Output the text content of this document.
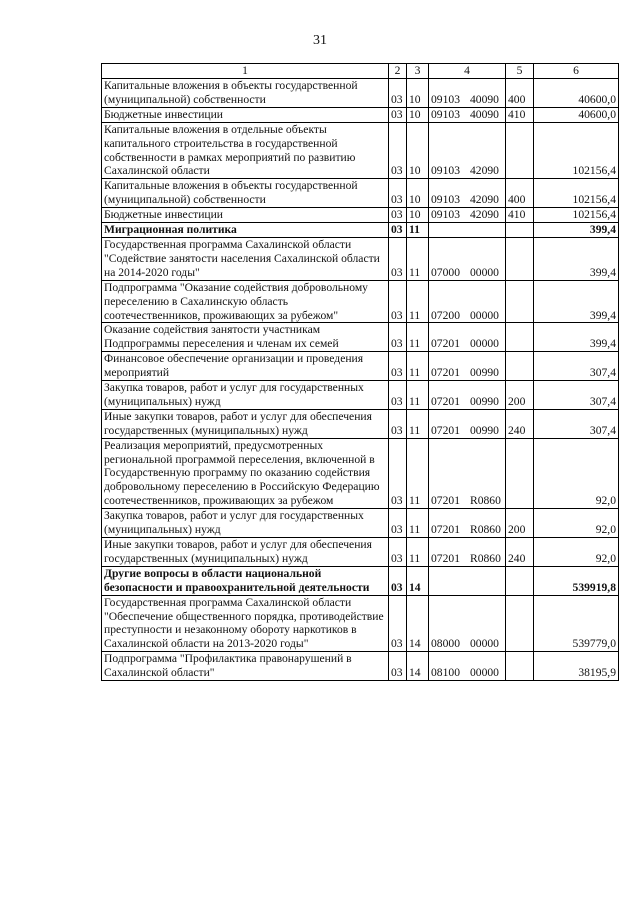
31
1	2	3	4	5	6
Капитальные вложения в объекты государственной (муниципальной) собственности	03	10	09103 40090	400	40600,0
Бюджетные инвестиции	03	10	09103 40090	410	40600,0
Капитальные вложения в отдельные объекты капитального строительства в государственной собственности в рамках мероприятий по развитию Сахалинской области	03	10	09103 42090		102156,4
Капитальные вложения в объекты государственной (муниципальной) собственности	03	10	09103 42090	400	102156,4
Бюджетные инвестиции	03	10	09103 42090	410	102156,4
Миграционная политика	03	11			399,4
Государственная программа Сахалинской области "Содействие занятости населения Сахалинской области на 2014-2020 годы"	03	11	07000 00000		399,4
Подпрограмма "Оказание содействия добровольному переселению в Сахалинскую область соотечественников, проживающих за рубежом"	03	11	07200 00000		399,4
Оказание содействия занятости участникам Подпрограммы переселения и членам их семей	03	11	07201 00000		399,4
Финансовое обеспечение организации и проведения мероприятий	03	11	07201 00990		307,4
Закупка товаров, работ и услуг для государственных (муниципальных) нужд	03	11	07201 00990	200	307,4
Иные закупки товаров, работ и услуг для обеспечения государственных (муниципальных) нужд	03	11	07201 00990	240	307,4
Реализация мероприятий, предусмотренных региональной программой переселения, включенной в Государственную программу по оказанию содействия добровольному переселению в Российскую Федерацию соотечественников, проживающих за рубежом	03	11	07201 R0860		92,0
Закупка товаров, работ и услуг для государственных (муниципальных) нужд	03	11	07201 R0860	200	92,0
Иные закупки товаров, работ и услуг для обеспечения государственных (муниципальных) нужд	03	11	07201 R0860	240	92,0
Другие вопросы в области национальной безопасности и правоохранительной деятельности	03	14			539919,8
Государственная программа Сахалинской области "Обеспечение общественного порядка, противодействие преступности и незаконному обороту наркотиков в Сахалинской области на 2013-2020 годы"	03	14	08000 00000		539779,0
Подпрограмма "Профилактика правонарушений в Сахалинской области"	03	14	08100 00000		38195,9
